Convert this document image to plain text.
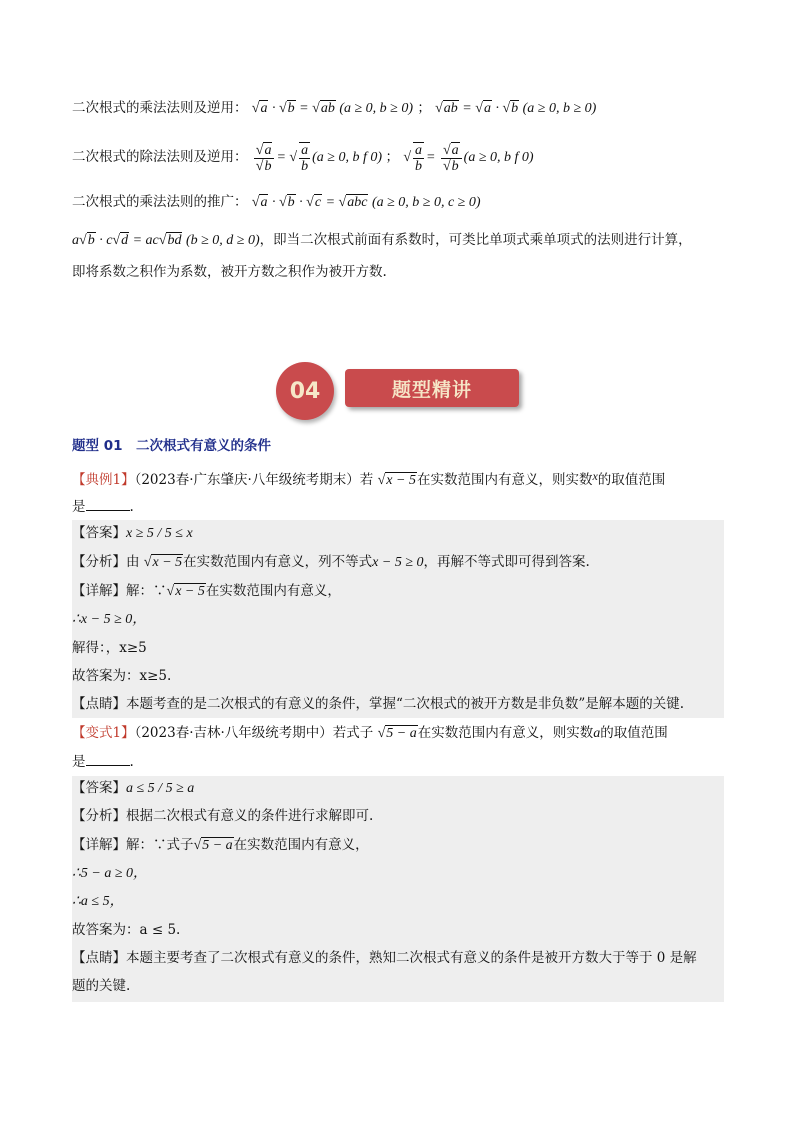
二次根式的乘法法则及逆用： √a · √b = √ab (a ≥ 0, b ≥ 0) ； √ab = √a · √b (a ≥ 0, b ≥ 0)
二次根式的除法法则及逆用： $\frac{√a}{√b}$ = √ $\frac{a}{b} (a \ge 0$, b f 0) ； √ $\frac{a}{b} = \frac{√a}{√b} (a \ge 0$, b f 0)
二次根式的乘法法则的推广： √a · √b · √c = √abc (a ≥ 0, b ≥ 0, c ≥ 0)
a√b · c√d = ac√bd (b ≥ 0, d ≥ 0)，即当二次根式前面有系数时，可类比单项式乘单项式的法则进行计算，
即将系数之积作为系数，被开方数之积作为被开方数.
04	题型精讲
题型 01　二次根式有意义的条件
【典例1】（2023春·广东肇庆·八年级统考期末）若 √x − 5在实数范围内有意义，则实数x的取值范围
是	.
【答案】x ≥ 5 / 5 ≤ x
【分析】由 √x − 5在实数范围内有意义，列不等式x − 5 ≥ 0，再解不等式即可得到答案.
【详解】解：∵√x − 5在实数范围内有意义，
∴x − 5 ≥ 0，
解得：，x≥5
故答案为：x≥5.
【点睛】本题考查的是二次根式的有意义的条件，掌握“二次根式的被开方数是非负数”是解本题的关键.
【变式1】（2023春·吉林·八年级统考期中）若式子 √5 − a在实数范围内有意义，则实数a的取值范围
是	.
【答案】a ≤ 5 / 5 ≥ a
【分析】根据二次根式有意义的条件进行求解即可.
【详解】解：∵式子√5 − a在实数范围内有意义，
∴5 − a ≥ 0，
∴a ≤ 5，
故答案为：a ≤ 5.
【点睛】本题主要考查了二次根式有意义的条件，熟知二次根式有意义的条件是被开方数大于等于 0 是解
题的关键.
